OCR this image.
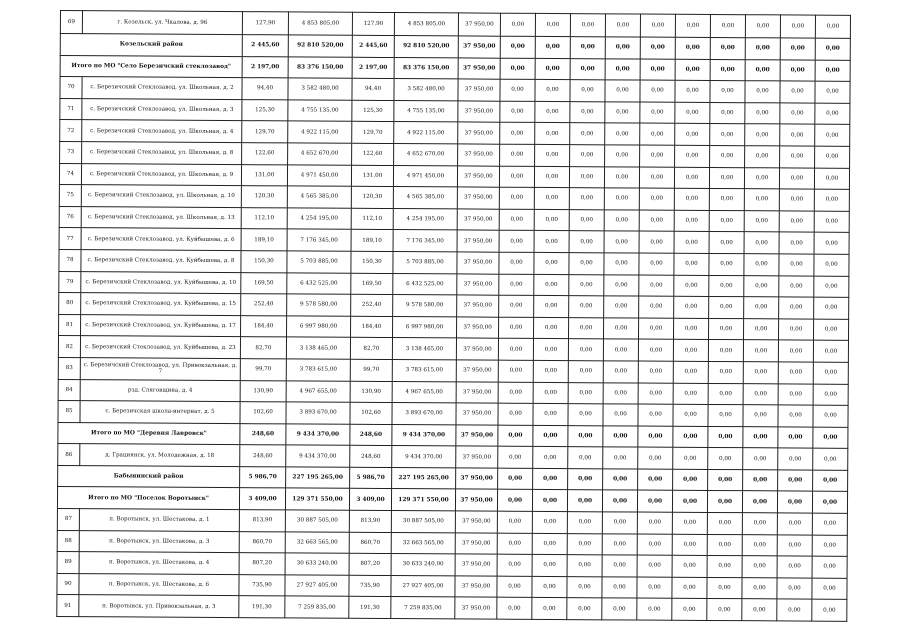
69	г. Козельск, ул. Чкалова, д. 96	127,90	4 853 805,00	127,90	4 853 805,00	37 950,00	0,00	0,00	0,00	0,00	0,00	0,00	0,00	0,00	0,00	0,00
Козельский район		2 445,60	92 810 520,00	2 445,60	92 810 520,00	37 950,00	0,00	0,00	0,00	0,00	0,00	0,00	0,00	0,00	0,00	0,00
Итого по МО "Село Березичский стеклозавод"		2 197,00	83 376 150,00	2 197,00	83 376 150,00	37 950,00	0,00	0,00	0,00	0,00	0,00	0,00	0,00	0,00	0,00	0,00
70	с. Березичский Стеклозавод, ул. Школьная, д. 2	94,40	3 582 480,00	94,40	3 582 480,00	37 950,00	0,00	0,00	0,00	0,00	0,00	0,00	0,00	0,00	0,00	0,00
71	с. Березичский Стеклозавод, ул. Школьная, д. 3	125,30	4 755 135,00	125,30	4 755 135,00	37 950,00	0,00	0,00	0,00	0,00	0,00	0,00	0,00	0,00	0,00	0,00
72	с. Березичский Стеклозавод, ул. Школьная, д. 4	129,70	4 922 115,00	129,70	4 922 115,00	37 950,00	0,00	0,00	0,00	0,00	0,00	0,00	0,00	0,00	0,00	0,00
73	с. Березичский Стеклозавод, ул. Школьная, д. 8	122,60	4 652 670,00	122,60	4 652 670,00	37 950,00	0,00	0,00	0,00	0,00	0,00	0,00	0,00	0,00	0,00	0,00
74	с. Березичский Стеклозавод, ул. Школьная, д. 9	131,00	4 971 450,00	131,00	4 971 450,00	37 950,00	0,00	0,00	0,00	0,00	0,00	0,00	0,00	0,00	0,00	0,00
75	с. Березичский Стеклозавод, ул. Школьная, д. 10	120,30	4 565 385,00	120,30	4 565 385,00	37 950,00	0,00	0,00	0,00	0,00	0,00	0,00	0,00	0,00	0,00	0,00
76	с. Березичский Стеклозавод, ул. Школьная, д. 13	112,10	4 254 195,00	112,10	4 254 195,00	37 950,00	0,00	0,00	0,00	0,00	0,00	0,00	0,00	0,00	0,00	0,00
77	с. Березичский Стеклозавод, ул. Куйбышева, д. 6	189,10	7 176 345,00	189,10	7 176 345,00	37 950,00	0,00	0,00	0,00	0,00	0,00	0,00	0,00	0,00	0,00	0,00
78	с. Березичский Стеклозавод, ул. Куйбышева, д. 8	150,30	5 703 885,00	150,30	5 703 885,00	37 950,00	0,00	0,00	0,00	0,00	0,00	0,00	0,00	0,00	0,00	0,00
79	с. Березичский Стеклозавод, ул. Куйбышева, д. 10	169,50	6 432 525,00	169,50	6 432 525,00	37 950,00	0,00	0,00	0,00	0,00	0,00	0,00	0,00	0,00	0,00	0,00
80	с. Березичский Стеклозавод, ул. Куйбышева, д. 15	252,40	9 578 580,00	252,40	9 578 580,00	37 950,00	0,00	0,00	0,00	0,00	0,00	0,00	0,00	0,00	0,00	0,00
81	с. Березичский Стеклозавод, ул. Куйбышева, д. 17	184,40	6 997 980,00	184,40	6 997 980,00	37 950,00	0,00	0,00	0,00	0,00	0,00	0,00	0,00	0,00	0,00	0,00
82	с. Березичский Стеклозавод, ул. Куйбышева, д. 23	82,70	3 138 465,00	82,70	3 138 465,00	37 950,00	0,00	0,00	0,00	0,00	0,00	0,00	0,00	0,00	0,00	0,00
83	с. Березичский Стеклозавод, ул. Привокзальная, д. 7	99,70	3 783 615,00	99,70	3 783 615,00	37 950,00	0,00	0,00	0,00	0,00	0,00	0,00	0,00	0,00	0,00	0,00
84	рзд. Сляговщина, д. 4	130,90	4 967 655,00	130,90	4 967 655,00	37 950,00	0,00	0,00	0,00	0,00	0,00	0,00	0,00	0,00	0,00	0,00
85	с. Березичская школа-интернат, д. 5	102,60	3 893 670,00	102,60	3 893 670,00	37 950,00	0,00	0,00	0,00	0,00	0,00	0,00	0,00	0,00	0,00	0,00
Итого по МО "Деревня Лавровск"		248,60	9 434 370,00	248,60	9 434 370,00	37 950,00	0,00	0,00	0,00	0,00	0,00	0,00	0,00	0,00	0,00	0,00
86	д. Грациянск, ул. Молодежная, д. 18	248,60	9 434 370,00	248,60	9 434 370,00	37 950,00	0,00	0,00	0,00	0,00	0,00	0,00	0,00	0,00	0,00	0,00
Бабынинский район		5 986,70	227 195 265,00	5 986,70	227 195 265,00	37 950,00	0,00	0,00	0,00	0,00	0,00	0,00	0,00	0,00	0,00	0,00
Итого по МО "Поселок Воротынск"		3 409,00	129 371 550,00	3 409,00	129 371 550,00	37 950,00	0,00	0,00	0,00	0,00	0,00	0,00	0,00	0,00	0,00	0,00
87	п. Воротынск, ул. Шестакова, д. 1	813,90	30 887 505,00	813,90	30 887 505,00	37 950,00	0,00	0,00	0,00	0,00	0,00	0,00	0,00	0,00	0,00	0,00
88	п. Воротынск, ул. Шестакова, д. 3	860,70	32 663 565,00	860,70	32 663 565,00	37 950,00	0,00	0,00	0,00	0,00	0,00	0,00	0,00	0,00	0,00	0,00
89	п. Воротынск, ул. Шестакова, д. 4	807,20	30 633 240,00	807,20	30 633 240,00	37 950,00	0,00	0,00	0,00	0,00	0,00	0,00	0,00	0,00	0,00	0,00
90	п. Воротынск, ул. Шестакова, д. 6	735,90	27 927 405,00	735,90	27 927 405,00	37 950,00	0,00	0,00	0,00	0,00	0,00	0,00	0,00	0,00	0,00	0,00
91	п. Воротынск, ул. Привокзальная, д. 3	191,30	7 259 835,00	191,30	7 259 835,00	37 950,00	0,00	0,00	0,00	0,00	0,00	0,00	0,00	0,00	0,00	0,00
